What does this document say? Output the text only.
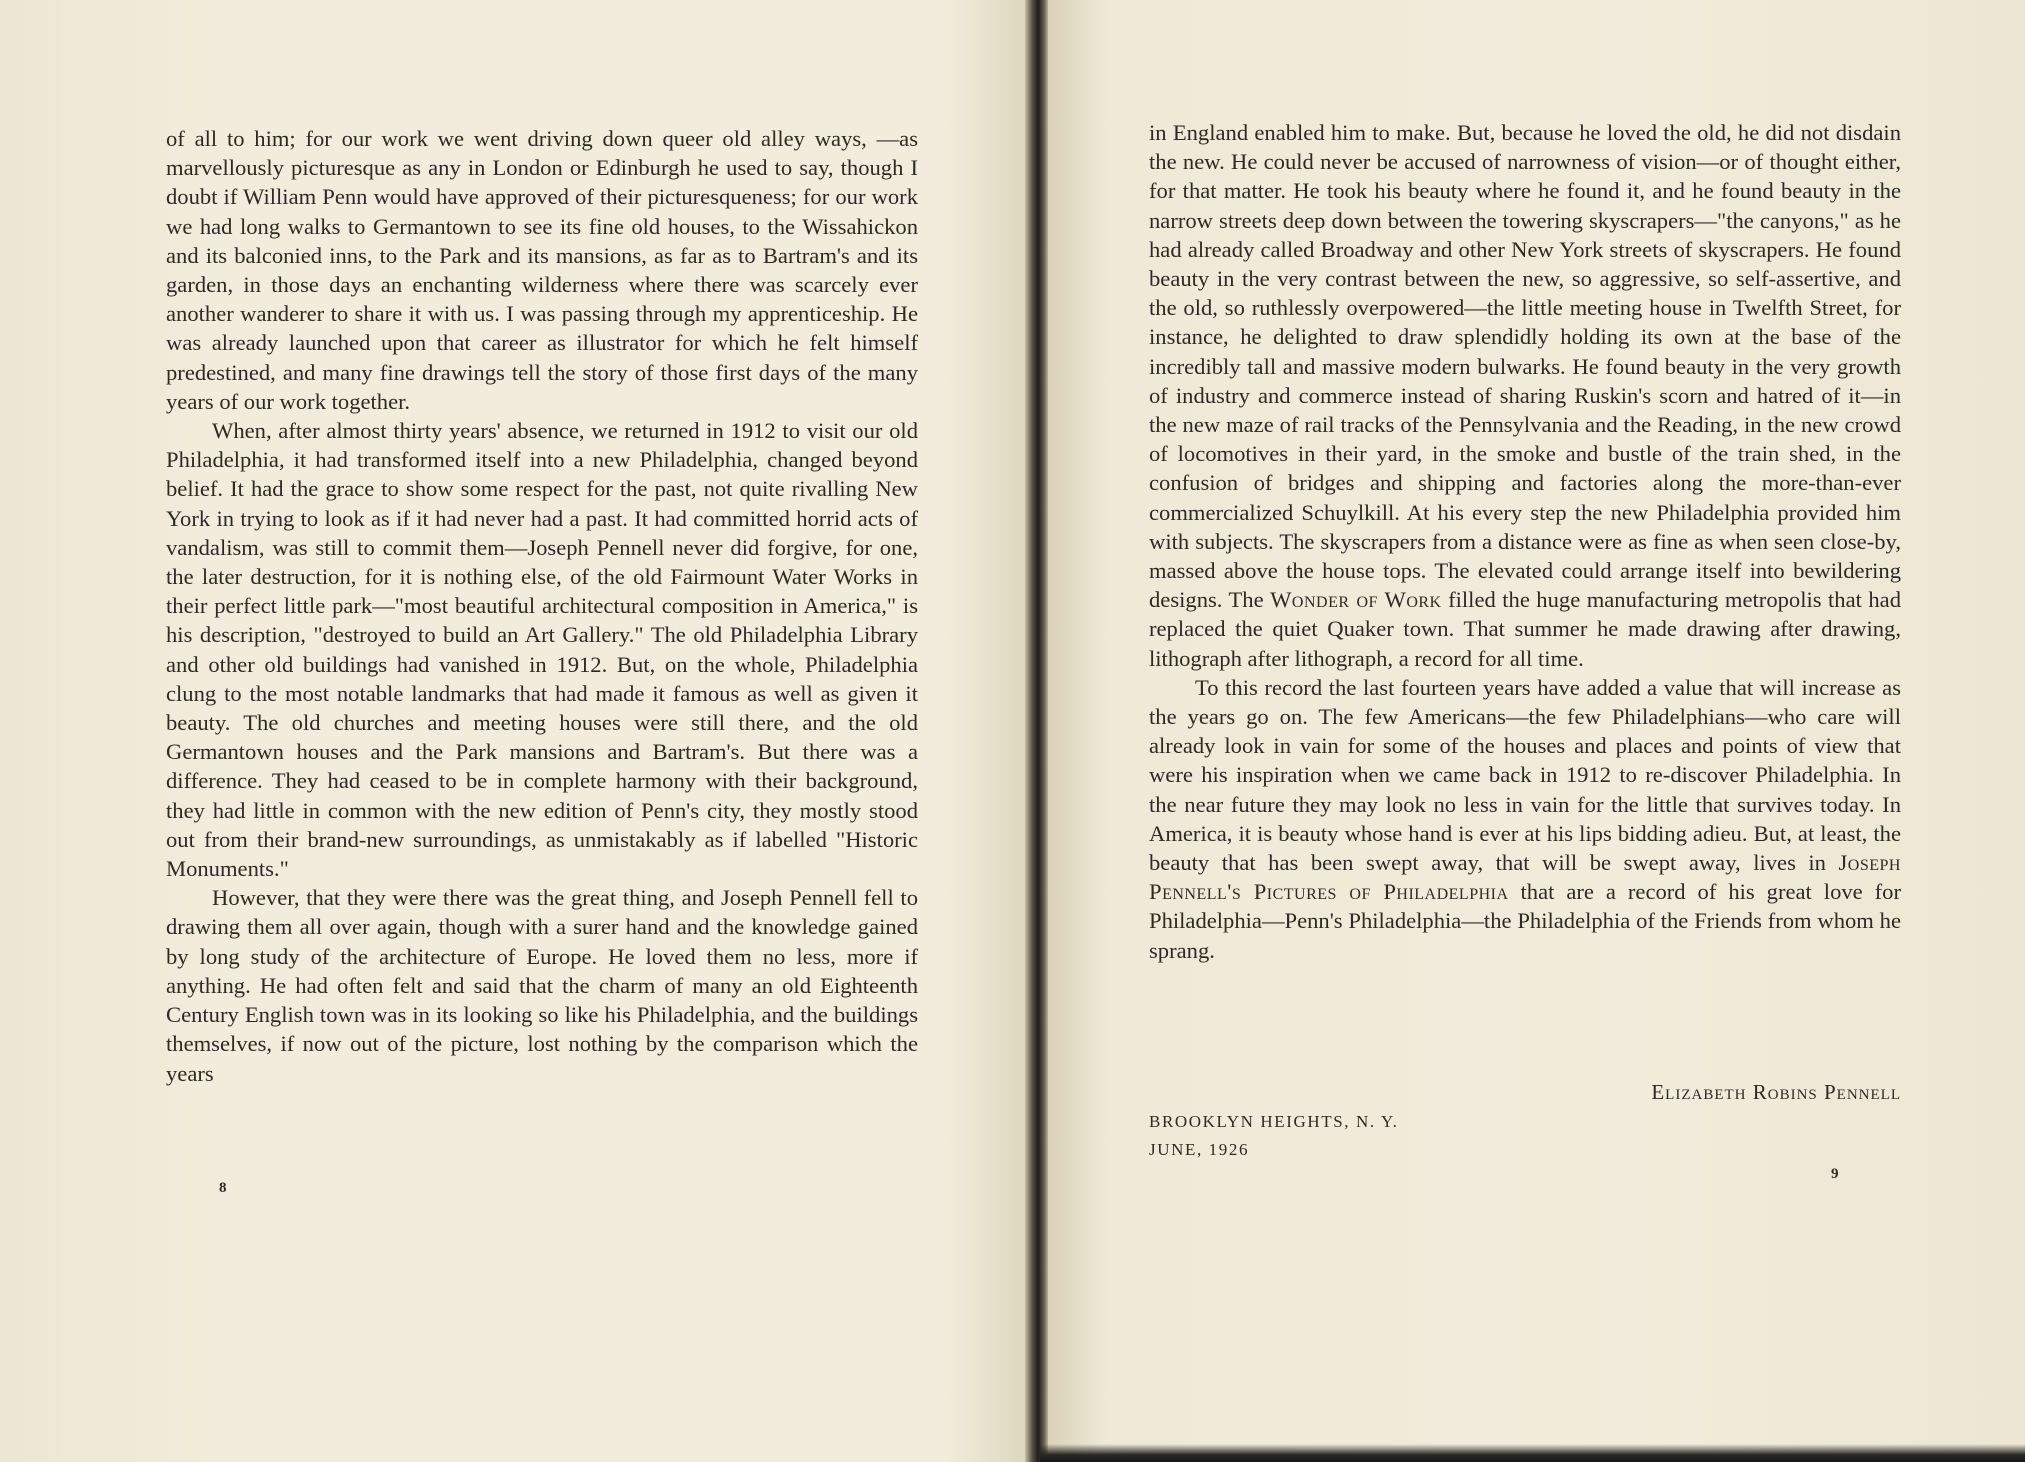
of all to him; for our work we went driving down queer old alley ways, —as marvellously picturesque as any in London or Edinburgh he used to say, though I doubt if William Penn would have approved of their picturesqueness; for our work we had long walks to Germantown to see its fine old houses, to the Wissahickon and its balconied inns, to the Park and its mansions, as far as to Bartram's and its garden, in those days an enchanting wilderness where there was scarcely ever another wanderer to share it with us. I was passing through my apprenticeship. He was already launched upon that career as illustrator for which he felt himself predestined, and many fine drawings tell the story of those first days of the many years of our work together.

When, after almost thirty years' absence, we returned in 1912 to visit our old Philadelphia, it had transformed itself into a new Philadelphia, changed beyond belief. It had the grace to show some respect for the past, not quite rivalling New York in trying to look as if it had never had a past. It had committed horrid acts of vandalism, was still to commit them—Joseph Pennell never did forgive, for one, the later destruction, for it is nothing else, of the old Fairmount Water Works in their perfect little park—"most beautiful architectural composition in America," is his description, "destroyed to build an Art Gallery." The old Philadelphia Library and other old buildings had vanished in 1912. But, on the whole, Philadelphia clung to the most notable landmarks that had made it famous as well as given it beauty. The old churches and meeting houses were still there, and the old Germantown houses and the Park mansions and Bartram's. But there was a difference. They had ceased to be in complete harmony with their background, they had little in common with the new edition of Penn's city, they mostly stood out from their brand-new surroundings, as unmistakably as if labelled "Historic Monuments."

However, that they were there was the great thing, and Joseph Pennell fell to drawing them all over again, though with a surer hand and the knowledge gained by long study of the architecture of Europe. He loved them no less, more if anything. He had often felt and said that the charm of many an old Eighteenth Century English town was in its looking so like his Philadelphia, and the buildings themselves, if now out of the picture, lost nothing by the comparison which the years

8

in England enabled him to make. But, because he loved the old, he did not disdain the new. He could never be accused of narrowness of vision—or of thought either, for that matter. He took his beauty where he found it, and he found beauty in the narrow streets deep down between the towering skyscrapers—"the canyons," as he had already called Broadway and other New York streets of skyscrapers. He found beauty in the very contrast between the new, so aggressive, so self-assertive, and the old, so ruthlessly overpowered—the little meeting house in Twelfth Street, for instance, he delighted to draw splendidly holding its own at the base of the incredibly tall and massive modern bulwarks. He found beauty in the very growth of industry and commerce instead of sharing Ruskin's scorn and hatred of it—in the new maze of rail tracks of the Pennsylvania and the Reading, in the new crowd of locomotives in their yard, in the smoke and bustle of the train shed, in the confusion of bridges and shipping and factories along the more-than-ever commercialized Schuylkill. At his every step the new Philadelphia provided him with subjects. The skyscrapers from a distance were as fine as when seen close-by, massed above the house tops. The elevated could arrange itself into bewildering designs. The Wonder of Work filled the huge manufacturing metropolis that had replaced the quiet Quaker town. That summer he made drawing after drawing, lithograph after lithograph, a record for all time.

To this record the last fourteen years have added a value that will increase as the years go on. The few Americans—the few Philadelphians—who care will already look in vain for some of the houses and places and points of view that were his inspiration when we came back in 1912 to re-discover Philadelphia. In the near future they may look no less in vain for the little that survives today. In America, it is beauty whose hand is ever at his lips bidding adieu. But, at least, the beauty that has been swept away, that will be swept away, lives in Joseph Pennell's Pictures of Philadelphia that are a record of his great love for Philadelphia—Penn's Philadelphia—the Philadelphia of the Friends from whom he sprang.

Elizabeth Robins Pennell
BROOKLYN HEIGHTS, N. Y.
JUNE, 1926
9
